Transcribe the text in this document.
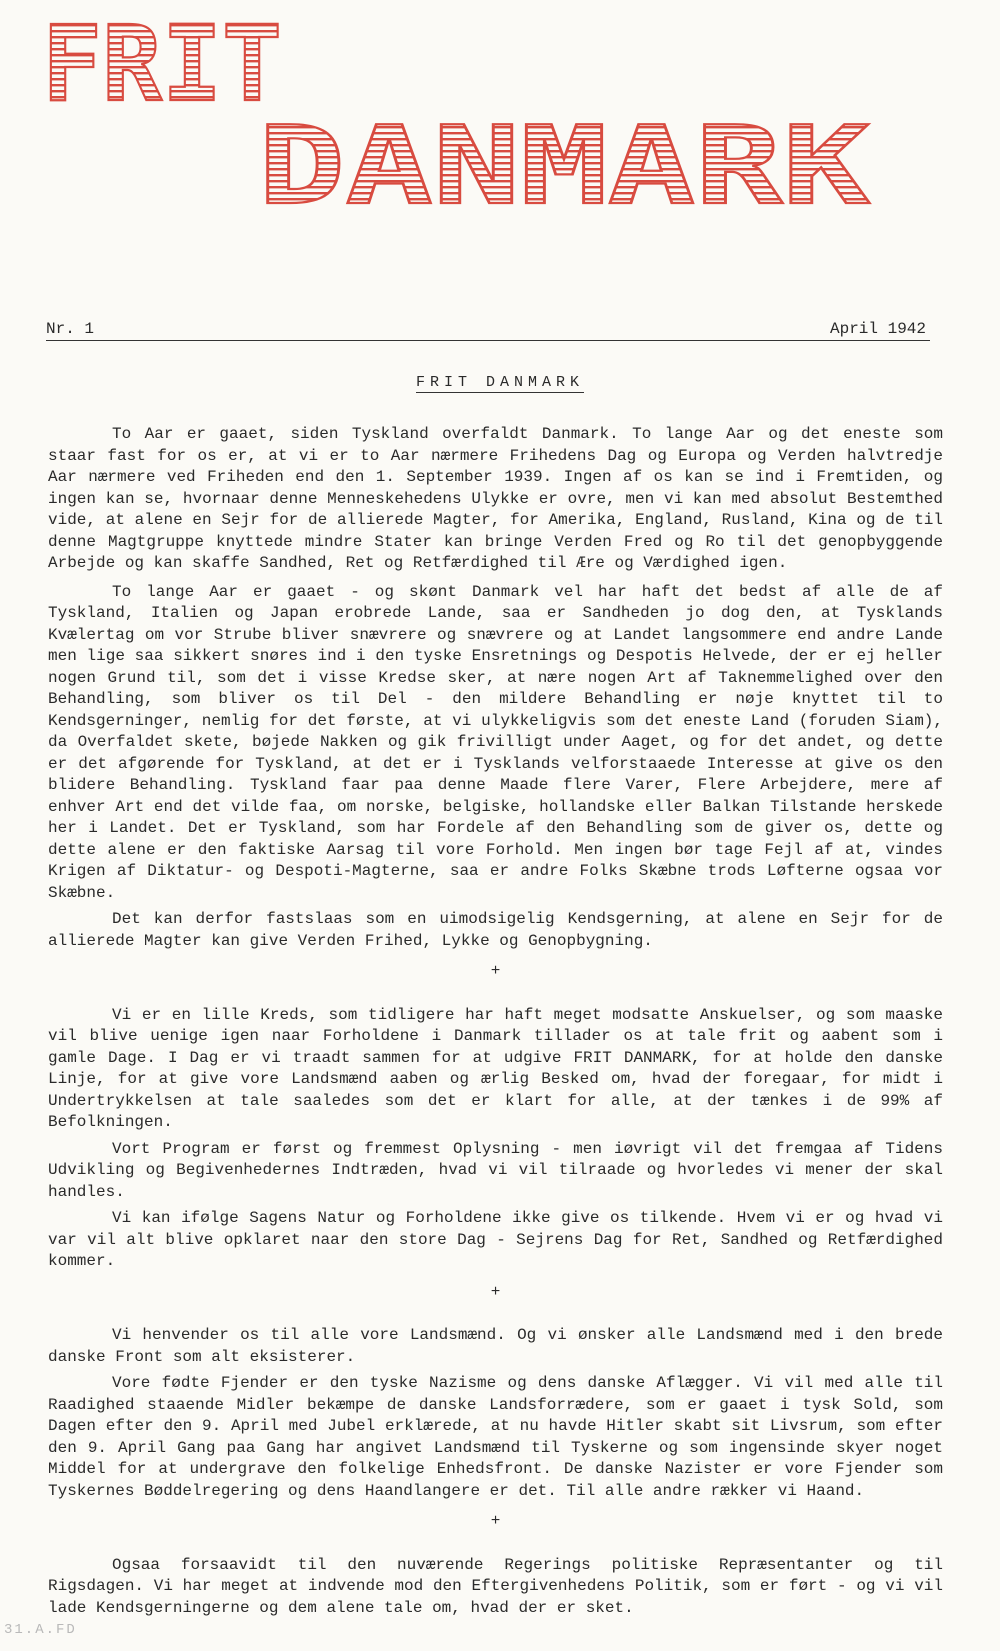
FRIT
DANMARK
Nr. 1	April 1942
FRIT DANMARK

To Aar er gaaet, siden Tyskland overfaldt Danmark. To lange Aar og det eneste som staar fast for os er, at vi er to Aar nærmere Frihedens Dag og Europa og Verden halvtredje Aar nærmere ved Friheden end den 1. September 1939. Ingen af os kan se ind i Fremtiden, og ingen kan se, hvornaar denne Menneskehedens Ulykke er ovre, men vi kan med absolut Bestemthed vide, at alene en Sejr for de allierede Magter, for Amerika, England, Rusland, Kina og de til denne Magtgruppe knyttede mindre Stater kan bringe Verden Fred og Ro til det genopbyggende Arbejde og kan skaffe Sandhed, Ret og Retfærdighed til Ære og Værdighed igen.

To lange Aar er gaaet - og skønt Danmark vel har haft det bedst af alle de af Tyskland, Italien og Japan erobrede Lande, saa er Sandheden jo dog den, at Tysklands Kvælertag om vor Strube bliver snævrere og snævrere og at Landet langsommere end andre Lande men lige saa sikkert snøres ind i den tyske Ensretnings og Despotis Helvede, der er ej heller nogen Grund til, som det i visse Kredse sker, at nære nogen Art af Taknemmelighed over den Behandling, som bliver os til Del - den mildere Behandling er nøje knyttet til to Kendsgerninger, nemlig for det første, at vi ulykkeligvis som det eneste Land (foruden Siam), da Overfaldet skete, bøjede Nakken og gik frivilligt under Aaget, og for det andet, og dette er det afgørende for Tyskland, at det er i Tysklands velforstaaede Interesse at give os den blidere Behandling. Tyskland faar paa denne Maade flere Varer, Flere Arbejdere, mere af enhver Art end det vilde faa, om norske, belgiske, hollandske eller Balkan Tilstande herskede her i Landet. Det er Tyskland, som har Fordele af den Behandling som de giver os, dette og dette alene er den faktiske Aarsag til vore Forhold. Men ingen bør tage Fejl af at, vindes Krigen af Diktatur- og Despoti-Magterne, saa er andre Folks Skæbne trods Løfterne ogsaa vor Skæbne.

Det kan derfor fastslaas som en uimodsigelig Kendsgerning, at alene en Sejr for de allierede Magter kan give Verden Frihed, Lykke og Genopbygning.

+

Vi er en lille Kreds, som tidligere har haft meget modsatte Anskuelser, og som maaske vil blive uenige igen naar Forholdene i Danmark tillader os at tale frit og aabent som i gamle Dage. I Dag er vi traadt sammen for at udgive FRIT DANMARK, for at holde den danske Linje, for at give vore Landsmænd aaben og ærlig Besked om, hvad der foregaar, for midt i Undertrykkelsen at tale saaledes som det er klart for alle, at der tænkes i de 99% af Befolkningen.

Vort Program er først og fremmest Oplysning - men iøvrigt vil det fremgaa af Tidens Udvikling og Begivenhedernes Indtræden, hvad vi vil tilraade og hvorledes vi mener der skal handles.

Vi kan ifølge Sagens Natur og Forholdene ikke give os tilkende. Hvem vi er og hvad vi var vil alt blive opklaret naar den store Dag - Sejrens Dag for Ret, Sandhed og Retfærdighed kommer.

+

Vi henvender os til alle vore Landsmænd. Og vi ønsker alle Landsmænd med i den brede danske Front som alt eksisterer.

Vore fødte Fjender er den tyske Nazisme og dens danske Aflægger. Vi vil med alle til Raadighed staaende Midler bekæmpe de danske Landsforrædere, som er gaaet i tysk Sold, som Dagen efter den 9. April med Jubel erklærede, at nu havde Hitler skabt sit Livsrum, som efter den 9. April Gang paa Gang har angivet Landsmænd til Tyskerne og som ingensinde skyer noget Middel for at undergrave den folkelige Enhedsfront. De danske Nazister er vore Fjender som Tyskernes Bøddelregering og dens Haandlangere er det. Til alle andre rækker vi Haand.

+

Ogsaa forsaavidt til den nuværende Regerings politiske Repræsentanter og til Rigsdagen. Vi har meget at indvende mod den Eftergivenhedens Politik, som er ført - og vi vil lade Kendsgerningerne og dem alene tale om, hvad der er sket.

31.A.FD
